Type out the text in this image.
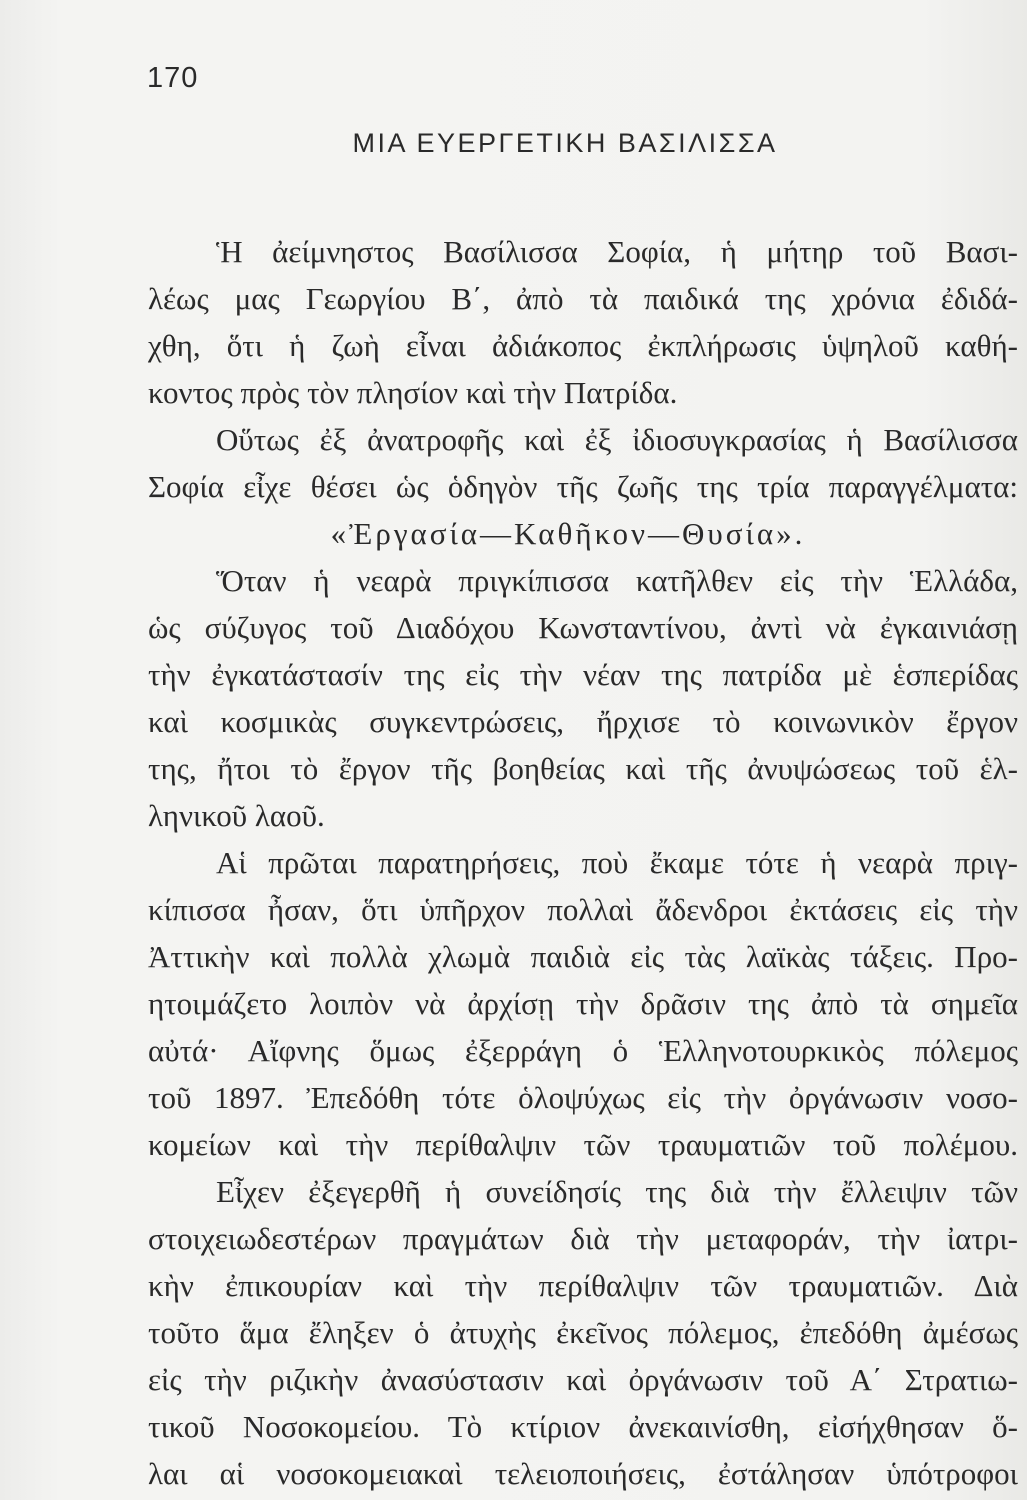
170
ΜΙΑ ΕΥΕΡΓΕΤΙΚΗ ΒΑΣΙΛΙΣΣΑ
Ἡ ἀείμνηστος Βασίλισσα Σοφία, ἡ μήτηρ τοῦ Βασι-
λέως μας Γεωργίου Β΄, ἀπὸ τὰ παιδικά της χρόνια ἐδιδά-
χθη, ὅτι ἡ ζωὴ εἶναι ἀδιάκοπος ἐκπλήρωσις ὑψηλοῦ καθή-
κοντος πρὸς τὸν πλησίον καὶ τὴν Πατρίδα.
Οὕτως ἐξ ἀνατροφῆς καὶ ἐξ ἰδιοσυγκρασίας ἡ Βασίλισσα
Σοφία εἶχε θέσει ὡς ὁδηγὸν τῆς ζωῆς της τρία παραγγέλματα:
«Ἐργασία—Καθῆκον—Θυσία».
Ὅταν ἡ νεαρὰ πριγκίπισσα κατῆλθεν εἰς τὴν Ἑλλάδα,
ὡς σύζυγος τοῦ Διαδόχου Κωνσταντίνου, ἀντὶ νὰ ἐγκαινιάσῃ
τὴν ἐγκατάστασίν της εἰς τὴν νέαν της πατρίδα μὲ ἑσπερίδας
καὶ κοσμικὰς συγκεντρώσεις, ἤρχισε τὸ κοινωνικὸν ἔργον
της, ἤτοι τὸ ἔργον τῆς βοηθείας καὶ τῆς ἀνυψώσεως τοῦ ἑλ-
ληνικοῦ λαοῦ.
Αἱ πρῶται παρατηρήσεις, ποὺ ἔκαμε τότε ἡ νεαρὰ πριγ-
κίπισσα ἦσαν, ὅτι ὑπῆρχον πολλαὶ ἄδενδροι ἐκτάσεις εἰς τὴν
Ἀττικὴν καὶ πολλὰ χλωμὰ παιδιὰ εἰς τὰς λαϊκὰς τάξεις. Προ-
ητοιμάζετο λοιπὸν νὰ ἀρχίσῃ τὴν δρᾶσιν της ἀπὸ τὰ σημεῖα
αὐτά· Αἴφνης ὅμως ἐξερράγη ὁ Ἑλληνοτουρκικὸς πόλεμος
τοῦ 1897. Ἐπεδόθη τότε ὁλοψύχως εἰς τὴν ὀργάνωσιν νοσο-
κομείων καὶ τὴν περίθαλψιν τῶν τραυματιῶν τοῦ πολέμου.
Εἶχεν ἐξεγερθῆ ἡ συνείδησίς της διὰ τὴν ἔλλειψιν τῶν
στοιχειωδεστέρων πραγμάτων διὰ τὴν μεταφοράν, τὴν ἰατρι-
κὴν ἐπικουρίαν καὶ τὴν περίθαλψιν τῶν τραυματιῶν. Διὰ
τοῦτο ἅμα ἔληξεν ὁ ἀτυχὴς ἐκεῖνος πόλεμος, ἐπεδόθη ἀμέσως
εἰς τὴν ριζικὴν ἀνασύστασιν καὶ ὀργάνωσιν τοῦ Α΄ Στρατιω-
τικοῦ Νοσοκομείου. Τὸ κτίριον ἀνεκαινίσθη, εἰσήχθησαν ὅ-
λαι αἱ νοσοκομειακαὶ τελειοποιήσεις, ἐστάλησαν ὑπότροφοι
